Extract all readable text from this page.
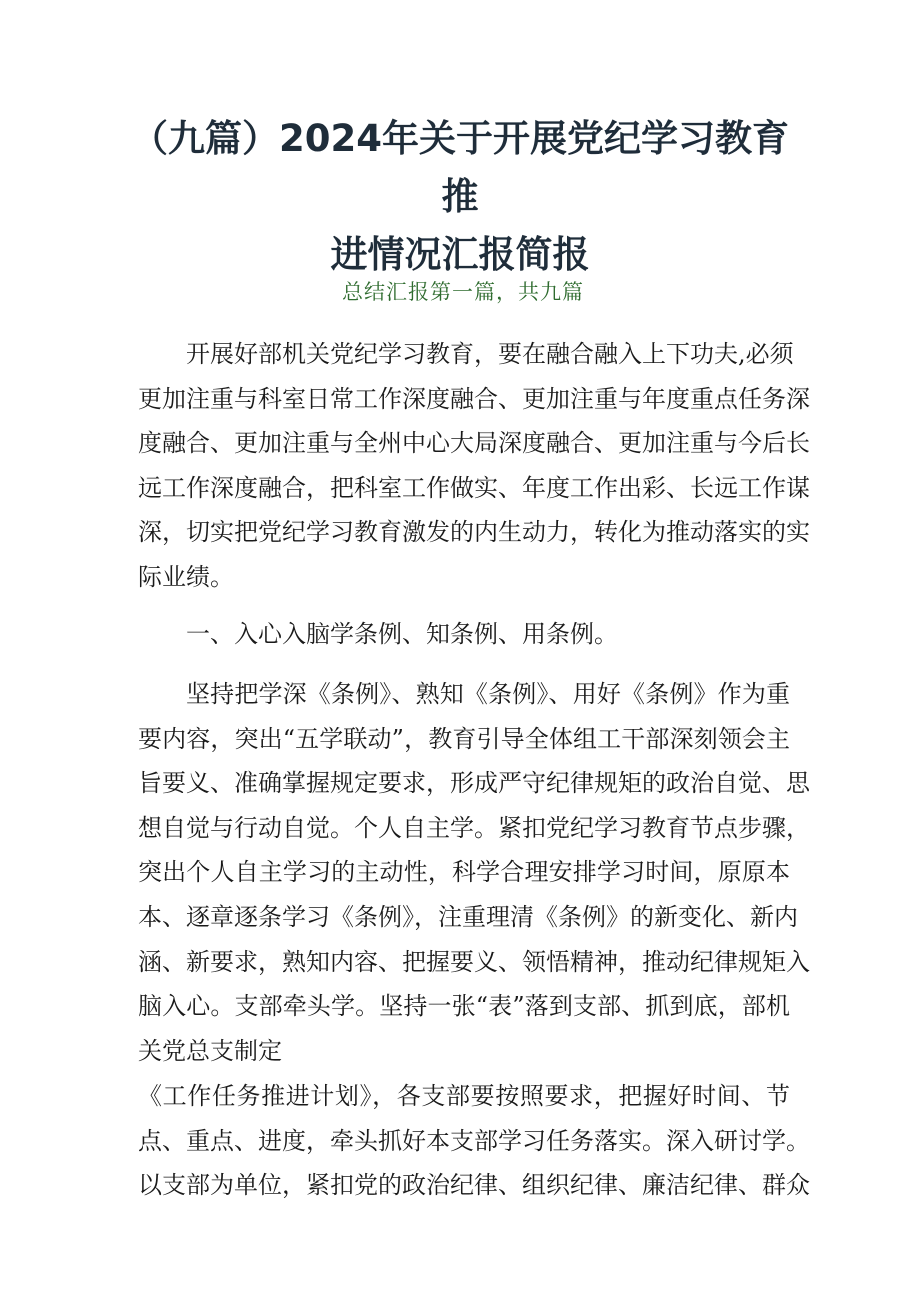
（九篇）2024年关于开展党纪学习教育推
进情况汇报简报
总结汇报第一篇，共九篇
开展好部机关党纪学习教育，要在融合融入上下功夫,必须
更加注重与科室日常工作深度融合、更加注重与年度重点任务深
度融合、更加注重与全州中心大局深度融合、更加注重与今后长
远工作深度融合，把科室工作做实、年度工作出彩、长远工作谋
深，切实把党纪学习教育激发的内生动力，转化为推动落实的实
际业绩。
一、入心入脑学条例、知条例、用条例。
坚持把学深《条例》、熟知《条例》、用好《条例》作为重
要内容，突出“五学联动”，教育引导全体组工干部深刻领会主
旨要义、准确掌握规定要求，形成严守纪律规矩的政治自觉、思
想自觉与行动自觉。个人自主学。紧扣党纪学习教育节点步骤，
突出个人自主学习的主动性，科学合理安排学习时间，原原本
本、逐章逐条学习《条例》，注重理清《条例》的新变化、新内
涵、新要求，熟知内容、把握要义、领悟精神，推动纪律规矩入
脑入心。支部牵头学。坚持一张“表”落到支部、抓到底，部机
关党总支制定
《工作任务推进计划》，各支部要按照要求，把握好时间、节
点、重点、进度，牵头抓好本支部学习任务落实。深入研讨学。
以支部为单位，紧扣党的政治纪律、组织纪律、廉洁纪律、群众
